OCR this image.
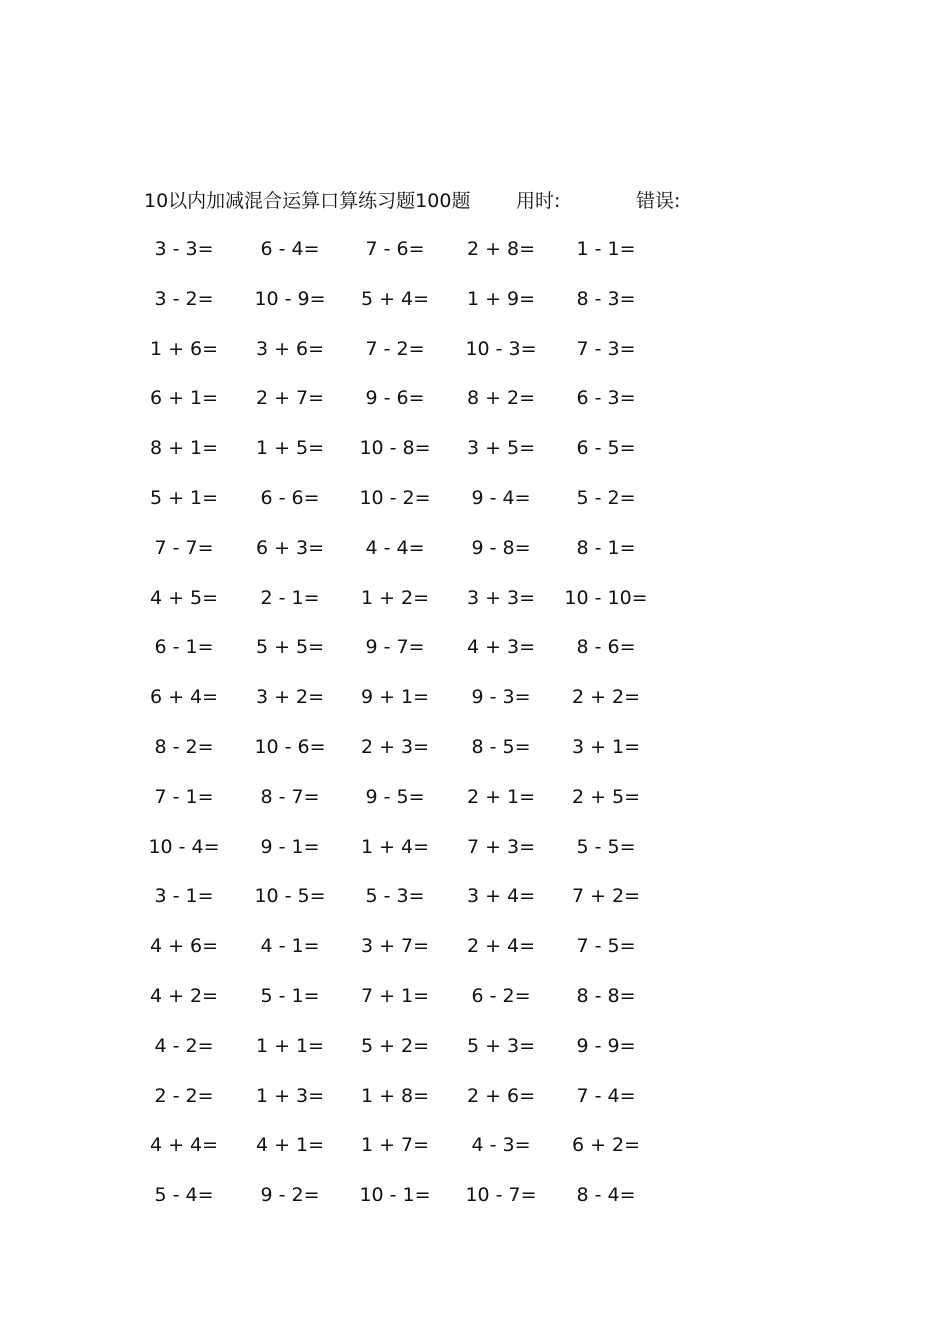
10以内加减混合运算口算练习题100题 用时:	错误:
3 - 3=	6 - 4=	7 - 6=	2 + 8=	1 - 1=
3 - 2=	10 - 9=	5 + 4=	1 + 9=	8 - 3=
1 + 6=	3 + 6=	7 - 2=	10 - 3=	7 - 3=
6 + 1=	2 + 7=	9 - 6=	8 + 2=	6 - 3=
8 + 1=	1 + 5=	10 - 8=	3 + 5=	6 - 5=
5 + 1=	6 - 6=	10 - 2=	9 - 4=	5 - 2=
7 - 7=	6 + 3=	4 - 4=	9 - 8=	8 - 1=
4 + 5=	2 - 1=	1 + 2=	3 + 3=	10 - 10=
6 - 1=	5 + 5=	9 - 7=	4 + 3=	8 - 6=
6 + 4=	3 + 2=	9 + 1=	9 - 3=	2 + 2=
8 - 2=	10 - 6=	2 + 3=	8 - 5=	3 + 1=
7 - 1=	8 - 7=	9 - 5=	2 + 1=	2 + 5=
10 - 4=	9 - 1=	1 + 4=	7 + 3=	5 - 5=
3 - 1=	10 - 5=	5 - 3=	3 + 4=	7 + 2=
4 + 6=	4 - 1=	3 + 7=	2 + 4=	7 - 5=
4 + 2=	5 - 1=	7 + 1=	6 - 2=	8 - 8=
4 - 2=	1 + 1=	5 + 2=	5 + 3=	9 - 9=
2 - 2=	1 + 3=	1 + 8=	2 + 6=	7 - 4=
4 + 4=	4 + 1=	1 + 7=	4 - 3=	6 + 2=
5 - 4=	9 - 2=	10 - 1=	10 - 7=	8 - 4=
